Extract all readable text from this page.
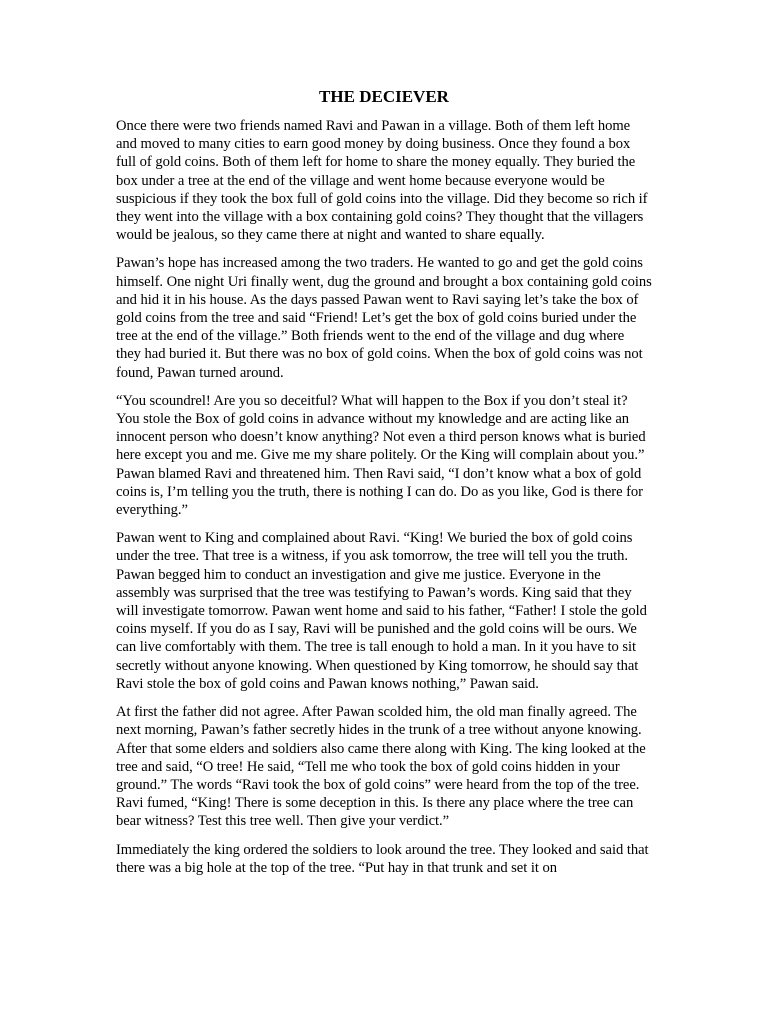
THE DECIEVER

Once there were two friends named Ravi and Pawan in a village. Both of them left home and moved to many cities to earn good money by doing business. Once they found a box full of gold coins. Both of them left for home to share the money equally. They buried the box under a tree at the end of the village and went home because everyone would be suspicious if they took the box full of gold coins into the village. Did they become so rich if they went into the village with a box containing gold coins? They thought that the villagers would be jealous, so they came there at night and wanted to share equally.

Pawan’s hope has increased among the two traders. He wanted to go and get the gold coins himself. One night Uri finally went, dug the ground and brought a box containing gold coins and hid it in his house. As the days passed Pawan went to Ravi saying let’s take the box of gold coins from the tree and said “Friend! Let’s get the box of gold coins buried under the tree at the end of the village.” Both friends went to the end of the village and dug where they had buried it. But there was no box of gold coins. When the box of gold coins was not found, Pawan turned around.

“You scoundrel! Are you so deceitful? What will happen to the Box if you don’t steal it? You stole the Box of gold coins in advance without my knowledge and are acting like an innocent person who doesn’t know anything? Not even a third person knows what is buried here except you and me. Give me my share politely. Or the King will complain about you.” Pawan blamed Ravi and threatened him. Then Ravi said, “I don’t know what a box of gold coins is, I’m telling you the truth, there is nothing I can do. Do as you like, God is there for everything.”

Pawan went to King and complained about Ravi. “King! We buried the box of gold coins under the tree. That tree is a witness, if you ask tomorrow, the tree will tell you the truth. Pawan begged him to conduct an investigation and give me justice. Everyone in the assembly was surprised that the tree was testifying to Pawan’s words. King said that they will investigate tomorrow. Pawan went home and said to his father, “Father! I stole the gold coins myself. If you do as I say, Ravi will be punished and the gold coins will be ours. We can live comfortably with them. The tree is tall enough to hold a man. In it you have to sit secretly without anyone knowing. When questioned by King tomorrow, he should say that Ravi stole the box of gold coins and Pawan knows nothing,” Pawan said.

At first the father did not agree. After Pawan scolded him, the old man finally agreed. The next morning, Pawan’s father secretly hides in the trunk of a tree without anyone knowing. After that some elders and soldiers also came there along with King. The king looked at the tree and said, “O tree! He said, “Tell me who took the box of gold coins hidden in your ground.” The words “Ravi took the box of gold coins” were heard from the top of the tree. Ravi fumed, “King! There is some deception in this. Is there any place where the tree can bear witness? Test this tree well. Then give your verdict.”

Immediately the king ordered the soldiers to look around the tree. They looked and said that there was a big hole at the top of the tree. “Put hay in that trunk and set it on
